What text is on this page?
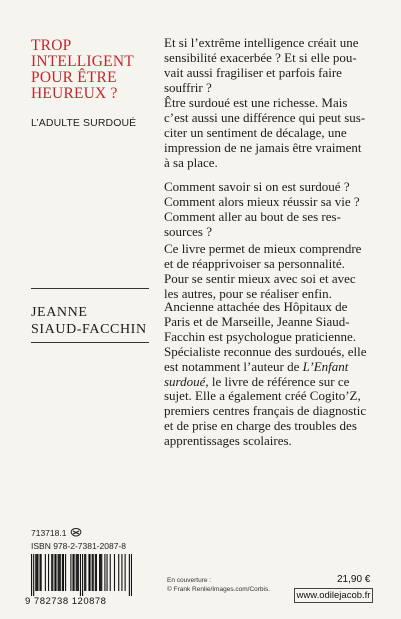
TROP
INTELLIGENT
POUR ÊTRE
HEUREUX ?
L’ADULTE SURDOUÉ
JEANNE
SIAUD-FACCHIN
Et si l’extrême intelligence créait une
sensibilité exacerbée ? Et si elle pou-
vait aussi fragiliser et parfois faire
souffrir ?
Être surdoué est une richesse. Mais
c’est aussi une différence qui peut sus-
citer un sentiment de décalage, une
impression de ne jamais être vraiment
à sa place.
Comment savoir si on est surdoué ?
Comment alors mieux réussir sa vie ?
Comment aller au bout de ses res-
sources ?
Ce livre permet de mieux comprendre
et de réapprivoiser sa personnalité.
Pour se sentir mieux avec soi et avec
les autres, pour se réaliser enfin.
Ancienne attachée des Hôpitaux de
Paris et de Marseille, Jeanne Siaud-
Facchin est psychologue praticienne.
Spécialiste reconnue des surdoués, elle
est notamment l’auteur de L’Enfant
surdoué, le livre de référence sur ce
sujet. Elle a également créé Cogito’Z,
premiers centres français de diagnostic
et de prise en charge des troubles des
apprentissages scolaires.
713718.1
ISBN 978-2-7381-2087-8
9 782738 120878
En couverture :
© Frank Renlie/Images.com/Corbis.
21,90 €
www.odilejacob.fr
